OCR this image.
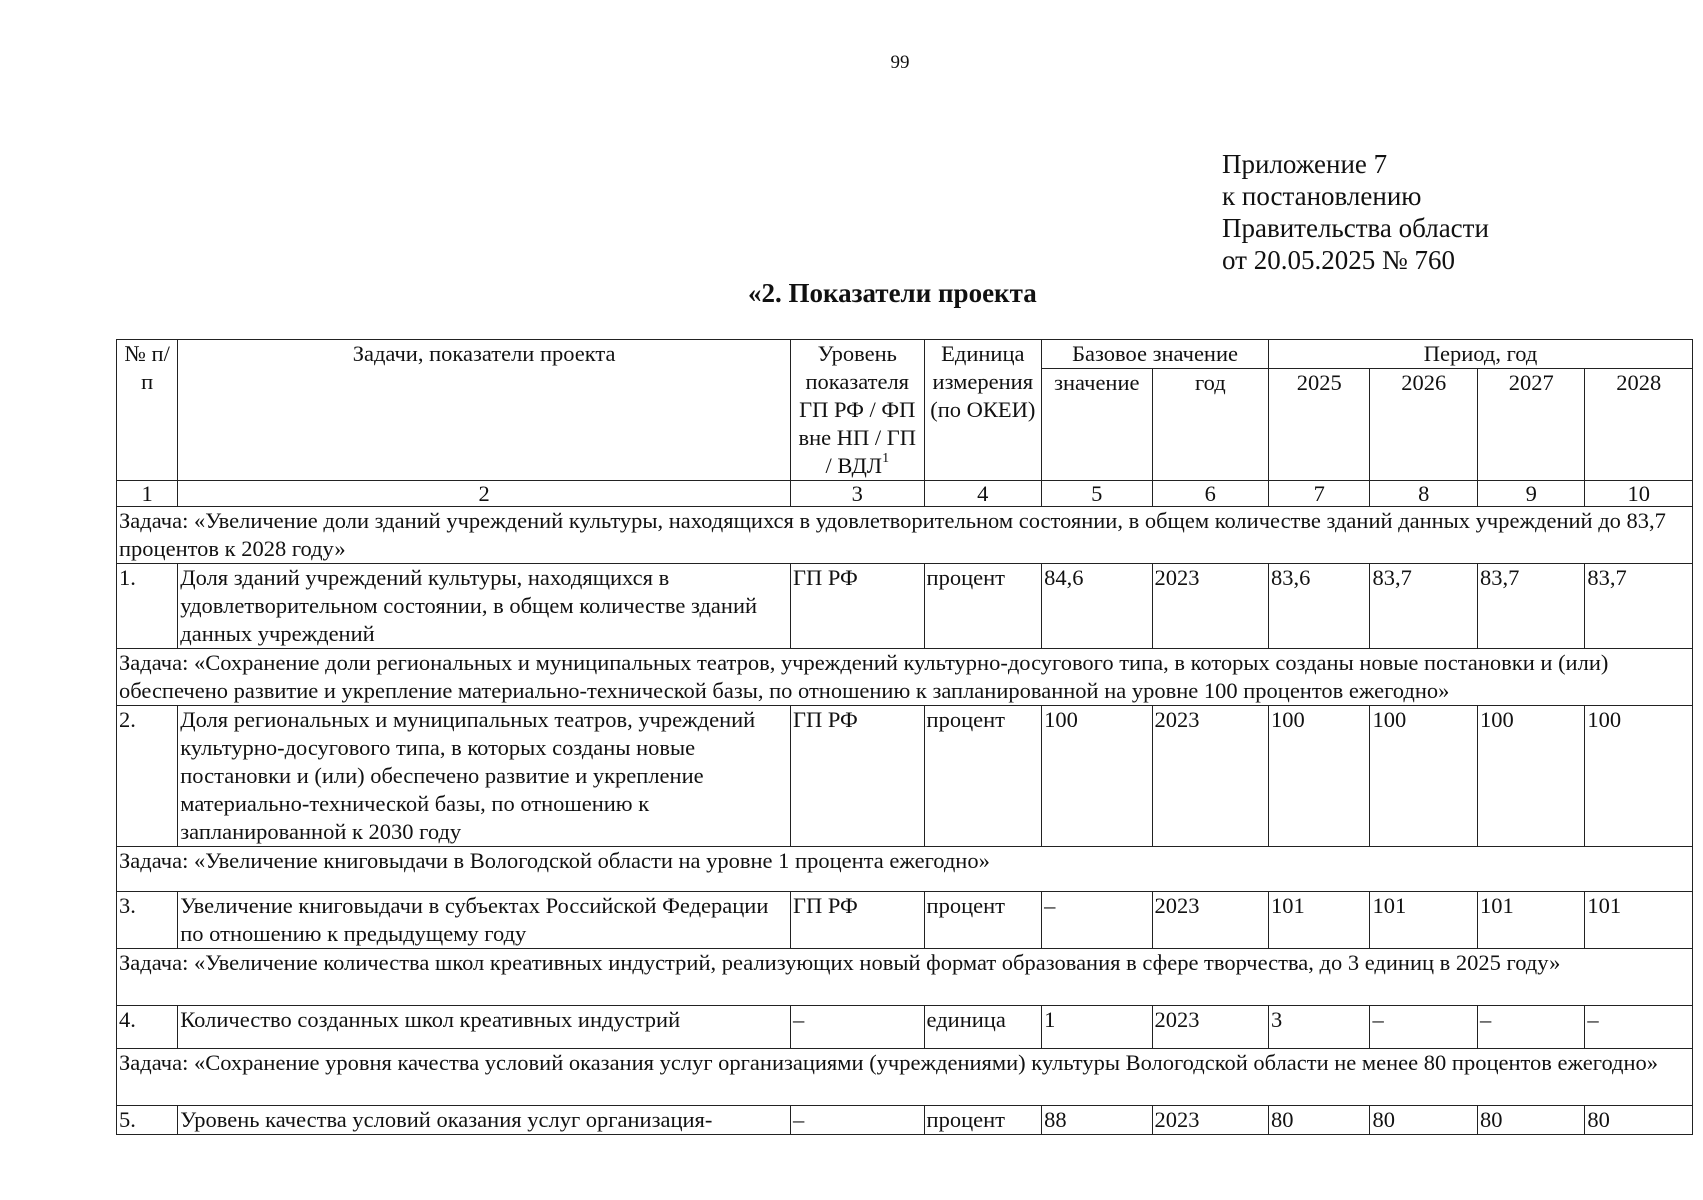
99
Приложение 7
к постановлению
Правительства области
от 20.05.2025 № 760
«2. Показатели проекта
№ п/п	Задачи, показатели проекта	Уровень показателя ГП РФ / ФП вне НП / ГП / ВДЛ$^1$	Единица измерения (по ОКЕИ)	Базовое значение		Период, год			
				значение	год	2025	2026	2027	2028
1	2	3	4	5	6	7	8	9	10
Задача: «Увеличение доли зданий учреждений культуры, находящихся в удовлетворительном состоянии, в общем количестве зданий данных учреждений до 83,7 процентов к 2028 году»									
1.	Доля зданий учреждений культуры, находящихся в удовлетворительном состоянии, в общем количестве зданий данных учреждений	ГП РФ	процент	84,6	2023	83,6	83,7	83,7	83,7
Задача: «Сохранение доли региональных и муниципальных театров, учреждений культурно-досугового типа, в которых созданы новые постановки и (или) обеспечено развитие и укрепление материально-технической базы, по отношению к запланированной на уровне 100 процентов ежегодно»									
2.	Доля региональных и муниципальных театров, учреждений культурно-досугового типа, в которых созданы новые постановки и (или) обеспечено развитие и укрепление материально-технической базы, по отношению к запланированной к 2030 году	ГП РФ	процент	100	2023	100	100	100	100
Задача: «Увеличение книговыдачи в Вологодской области на уровне 1 процента ежегодно»									
3.	Увеличение книговыдачи в субъектах Российской Федерации по отношению к предыдущему году	ГП РФ	процент	–	2023	101	101	101	101
Задача: «Увеличение количества школ креативных индустрий, реализующих новый формат образования в сфере творчества, до 3 единиц в 2025 году»									
4.	Количество созданных школ креативных индустрий	–	единица	1	2023	3	–	–	–
Задача: «Сохранение уровня качества условий оказания услуг организациями (учреждениями) культуры Вологодской области не менее 80 процентов ежегодно»									
5.	Уровень качества условий оказания услуг организация-	–	процент	88	2023	80	80	80	80
